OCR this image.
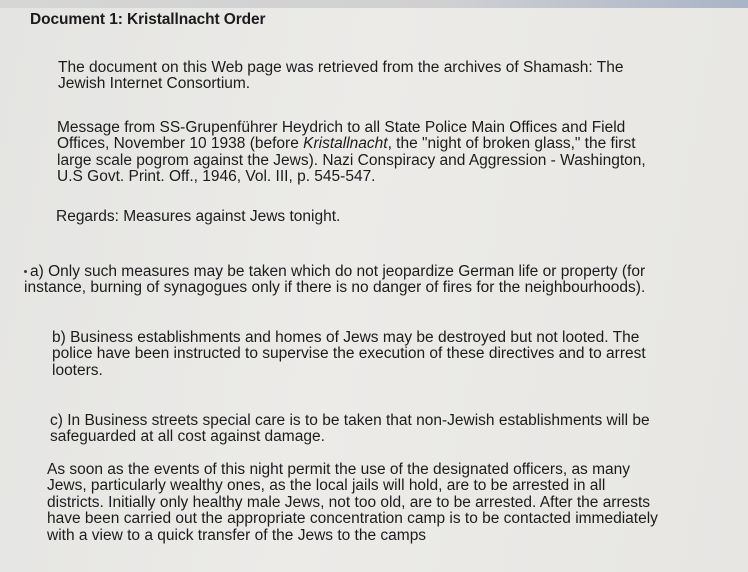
Document 1: Kristallnacht Order

The document on this Web page was retrieved from the archives of Shamash: The
Jewish Internet Consortium.

Message from SS-Grupenführer Heydrich to all State Police Main Offices and Field
Offices, November 10 1938 (before Kristallnacht, the "night of broken glass," the first
large scale pogrom against the Jews). Nazi Conspiracy and Aggression - Washington,
U.S Govt. Print. Off., 1946, Vol. III, p. 545-547.

Regards: Measures against Jews tonight.

a) Only such measures may be taken which do not jeopardize German life or property (for
instance, burning of synagogues only if there is no danger of fires for the neighbourhoods).

b) Business establishments and homes of Jews may be destroyed but not looted. The
police have been instructed to supervise the execution of these directives and to arrest
looters.

c) In Business streets special care is to be taken that non-Jewish establishments will be
safeguarded at all cost against damage.

As soon as the events of this night permit the use of the designated officers, as many
Jews, particularly wealthy ones, as the local jails will hold, are to be arrested in all
districts. Initially only healthy male Jews, not too old, are to be arrested. After the arrests
have been carried out the appropriate concentration camp is to be contacted immediately
with a view to a quick transfer of the Jews to the camps
